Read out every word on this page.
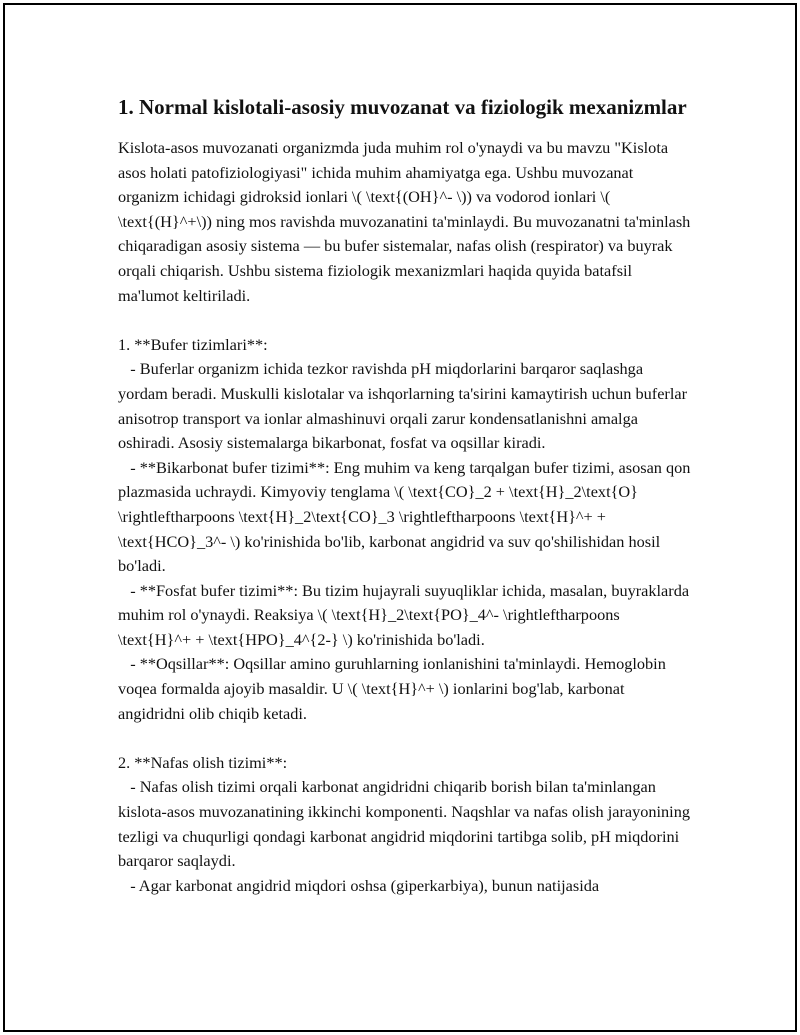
1. Normal kislotali-asosiy muvozanat va fiziologik mexanizmlar

Kislota-asos muvozanati organizmda juda muhim rol o'ynaydi va bu mavzu "Kislota asos holati patofiziologiyasi" ichida muhim ahamiyatga ega. Ushbu muvozanat organizm ichidagi gidroksid ionlari \( \text{(OH}^- \)) va vodorod ionlari \( \text{(H}^+\)) ning mos ravishda muvozanatini ta'minlaydi. Bu muvozanatni ta'minlash chiqaradigan asosiy sistema — bu bufer sistemalar, nafas olish (respirator) va buyrak orqali chiqarish. Ushbu sistema fiziologik mexanizmlari haqida quyida batafsil ma'lumot keltiriladi.

1. **Bufer tizimlari**:

- Buferlar organizm ichida tezkor ravishda pH miqdorlarini barqaror saqlashga yordam beradi. Muskulli kislotalar va ishqorlarning ta'sirini kamaytirish uchun buferlar anisotrop transport va ionlar almashinuvi orqali zarur kondensatlanishni amalga oshiradi. Asosiy sistemalarga bikarbonat, fosfat va oqsillar kiradi.

- **Bikarbonat bufer tizimi**: Eng muhim va keng tarqalgan bufer tizimi, asosan qon plazmasida uchraydi. Kimyoviy tenglama \( \text{CO}_2 + \text{H}_2\text{O} \rightleftharpoons \text{H}_2\text{CO}_3 \rightleftharpoons \text{H}^+ + \text{HCO}_3^- \) ko'rinishida bo'lib, karbonat angidrid va suv qo'shilishidan hosil bo'ladi.

- **Fosfat bufer tizimi**: Bu tizim hujayrali suyuqliklar ichida, masalan, buyraklarda muhim rol o'ynaydi. Reaksiya \( \text{H}_2\text{PO}_4^- \rightleftharpoons \text{H}^+ + \text{HPO}_4^{2-} \) ko'rinishida bo'ladi.

- **Oqsillar**: Oqsillar amino guruhlarning ionlanishini ta'minlaydi. Hemoglobin voqea formalda ajoyib masaldir. U \( \text{H}^+ \) ionlarini bog'lab, karbonat angidridni olib chiqib ketadi.

2. **Nafas olish tizimi**:

- Nafas olish tizimi orqali karbonat angidridni chiqarib borish bilan ta'minlangan kislota-asos muvozanatining ikkinchi komponenti. Naqshlar va nafas olish jarayonining tezligi va chuqurligi qondagi karbonat angidrid miqdorini tartibga solib, pH miqdorini barqaror saqlaydi.

- Agar karbonat angidrid miqdori oshsa (giperkarbiya), bunun natijasida
